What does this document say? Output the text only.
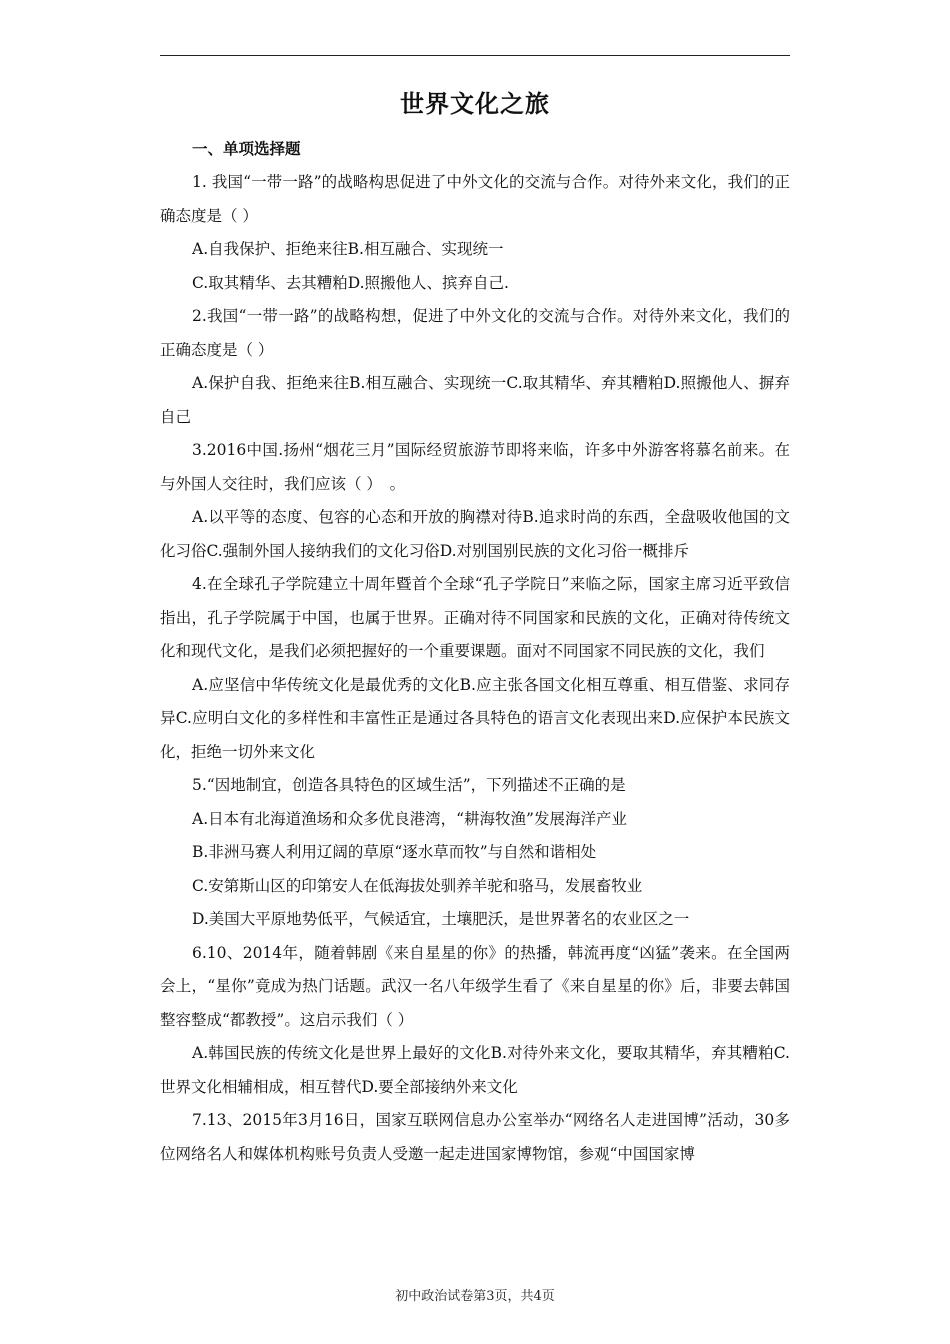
世界文化之旅
一、单项选择题

1. 我国“一带一路”的战略构思促进了中外文化的交流与合作。对待外来文化，我们的正确态度是（ ）

A.自我保护、拒绝来往B.相互融合、实现统一

C.取其精华、去其糟粕D.照搬他人、摈弃自己.

2.我国“一带一路”的战略构想，促进了中外文化的交流与合作。对待外来文化，我们的正确态度是（ ）

A.保护自我、拒绝来往B.相互融合、实现统一C.取其精华、弃其糟粕D.照搬他人、摒弃自己

3.2016中国.扬州“烟花三月”国际经贸旅游节即将来临，许多中外游客将慕名前来。在与外国人交往时，我们应该（ ）　。

A.以平等的态度、包容的心态和开放的胸襟对待B.追求时尚的东西，全盘吸收他国的文化习俗C.强制外国人接纳我们的文化习俗D.对别国别民族的文化习俗一概排斥

4.在全球孔子学院建立十周年暨首个全球“孔子学院日”来临之际，国家主席习近平致信指出，孔子学院属于中国，也属于世界。正确对待不同国家和民族的文化，正确对待传统文化和现代文化，是我们必须把握好的一个重要课题。面对不同国家不同民族的文化，我们

A.应坚信中华传统文化是最优秀的文化B.应主张各国文化相互尊重、相互借鉴、求同存异C.应明白文化的多样性和丰富性正是通过各具特色的语言文化表现出来D.应保护本民族文化，拒绝一切外来文化

5.“因地制宜，创造各具特色的区域生活”，下列描述不正确的是

A.日本有北海道渔场和众多优良港湾，“耕海牧渔”发展海洋产业

B.非洲马赛人利用辽阔的草原“逐水草而牧”与自然和谐相处

C.安第斯山区的印第安人在低海拔处驯养羊驼和骆马，发展畜牧业

D.美国大平原地势低平，气候适宜，土壤肥沃，是世界著名的农业区之一

6.10、2014年，随着韩剧《来自星星的你》的热播，韩流再度“凶猛”袭来。在全国两会上，“星你”竟成为热门话题。武汉一名八年级学生看了《来自星星的你》后，非要去韩国整容整成“都教授”。这启示我们（ ）

A.韩国民族的传统文化是世界上最好的文化B.对待外来文化，要取其精华，弃其糟粕C.　世界文化相辅相成，相互替代D.要全部接纳外来文化

7.13、2015年3月16日，国家互联网信息办公室举办“网络名人走进国博”活动，30多位网络名人和媒体机构账号负责人受邀一起走进国家博物馆，参观“中国国家博

初中政治试卷第3页，共4页
